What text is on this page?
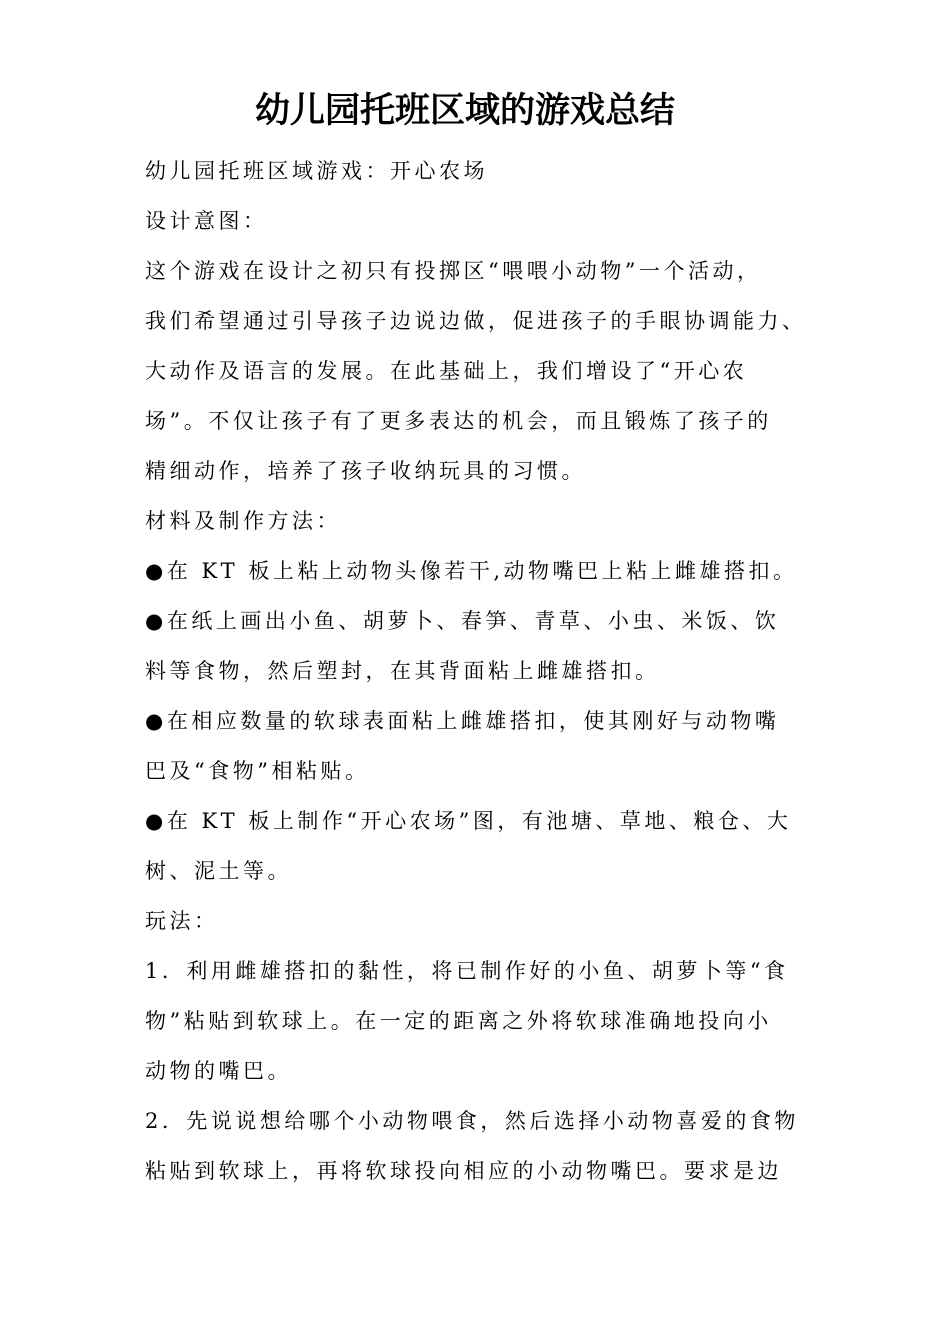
幼儿园托班区域的游戏总结
幼儿园托班区域游戏：开心农场
设计意图：
这个游戏在设计之初只有投掷区“喂喂小动物”一个活动，
我们希望通过引导孩子边说边做，促进孩子的手眼协调能力、
大动作及语言的发展。在此基础上，我们增设了“开心农
场”。不仅让孩子有了更多表达的机会，而且锻炼了孩子的
精细动作，培养了孩子收纳玩具的习惯。
材料及制作方法：
●在 KT 板上粘上动物头像若干,动物嘴巴上粘上雌雄搭扣。
●在纸上画出小鱼、胡萝卜、春笋、青草、小虫、米饭、饮
料等食物，然后塑封，在其背面粘上雌雄搭扣。
●在相应数量的软球表面粘上雌雄搭扣，使其刚好与动物嘴
巴及“食物”相粘贴。
●在 KT 板上制作“开心农场”图，有池塘、草地、粮仓、大
树、泥土等。
玩法：
1．利用雌雄搭扣的黏性，将已制作好的小鱼、胡萝卜等“食
物”粘贴到软球上。在一定的距离之外将软球准确地投向小
动物的嘴巴。
2．先说说想给哪个小动物喂食，然后选择小动物喜爱的食物
粘贴到软球上，再将软球投向相应的小动物嘴巴。要求是边
